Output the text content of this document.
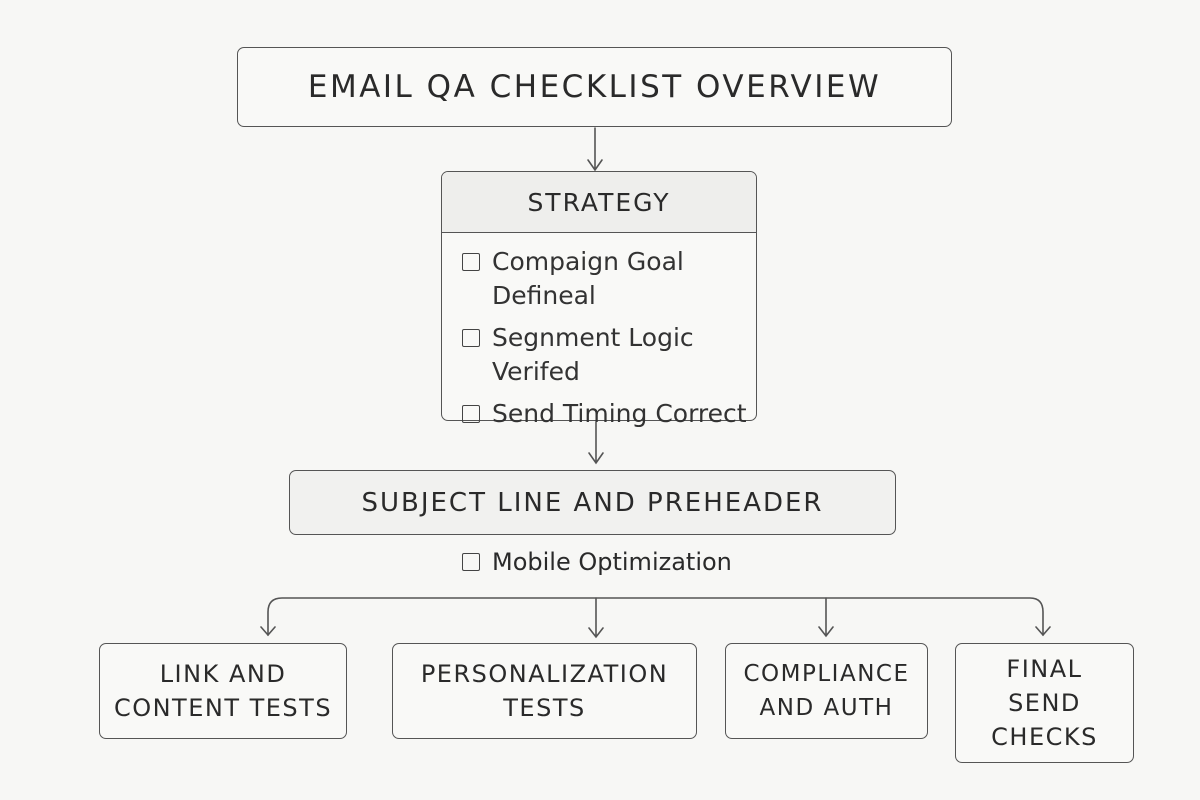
EMAIL QA CHECKLIST OVERVIEW
STRATEGY
Compaign Goal Defineal
Segnment Logic Verifed
Send Timing Correct
SUBJECT LINE AND PREHEADER
Mobile Optimization
LINK AND
CONTENT TESTS
PERSONALIZATION
TESTS
COMPLIANCE
AND AUTH
FINAL
SEND
CHECKS
